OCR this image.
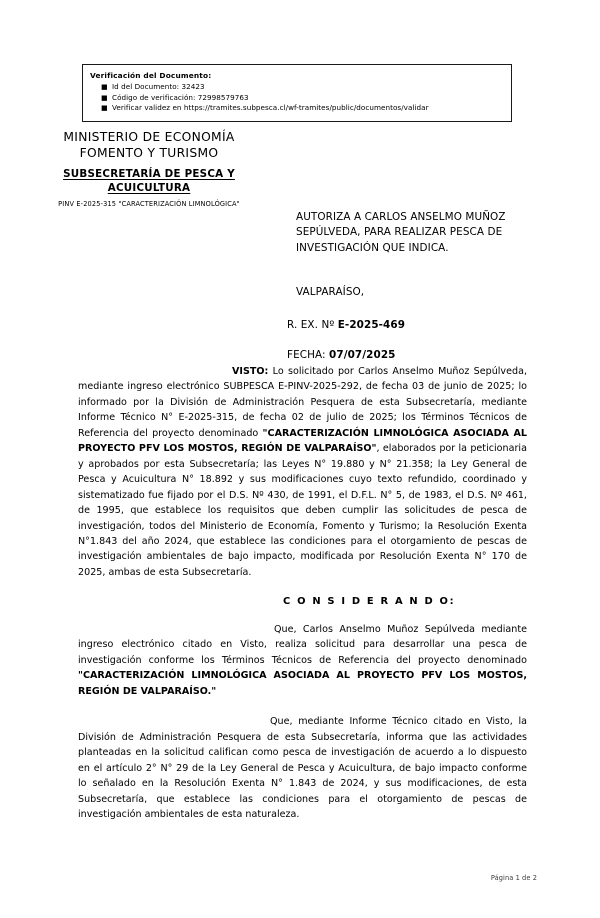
Verificación del Documento:
■ Id del Documento: 32423
■ Código de verificación: 72998579763
■ Verificar validez en https://tramites.subpesca.cl/wf-tramites/public/documentos/validar
MINISTERIO DE ECONOMÍA
FOMENTO Y TURISMO
SUBSECRETARÍA DE PESCA Y
ACUICULTURA
PINV E-2025-315 "CARACTERIZACIÓN LIMNOLÓGICA"
AUTORIZA A CARLOS ANSELMO MUÑOZ SEPÚLVEDA, PARA REALIZAR PESCA DE INVESTIGACIÓN QUE INDICA.
VALPARAÍSO,
R. EX. Nº E-2025-469
FECHA: 07/07/2025

VISTO: Lo solicitado por Carlos Anselmo Muñoz Sepúlveda, mediante ingreso electrónico SUBPESCA E-PINV-2025-292, de fecha 03 de junio de 2025; lo informado por la División de Administración Pesquera de esta Subsecretaría, mediante Informe Técnico N° E-2025-315, de fecha 02 de julio de 2025; los Términos Técnicos de Referencia del proyecto denominado "CARACTERIZACIÓN LIMNOLÓGICA ASOCIADA AL PROYECTO PFV LOS MOSTOS, REGIÓN DE VALPARAÍSO", elaborados por la peticionaria y aprobados por esta Subsecretaría; las Leyes N° 19.880 y N° 21.358; la Ley General de Pesca y Acuicultura N° 18.892 y sus modificaciones cuyo texto refundido, coordinado y sistematizado fue fijado por el D.S. Nº 430, de 1991, el D.F.L. N° 5, de 1983, el D.S. Nº 461, de 1995, que establece los requisitos que deben cumplir las solicitudes de pesca de investigación, todos del Ministerio de Economía, Fomento y Turismo; la Resolución Exenta N°1.843 del año 2024, que establece las condiciones para el otorgamiento de pescas de investigación ambientales de bajo impacto, modificada por Resolución Exenta N° 170 de 2025, ambas de esta Subsecretaría.

C O N S I D E R A N D O:

Que, Carlos Anselmo Muñoz Sepúlveda mediante ingreso electrónico citado en Visto, realiza solicitud para desarrollar una pesca de investigación conforme los Términos Técnicos de Referencia del proyecto denominado "CARACTERIZACIÓN LIMNOLÓGICA ASOCIADA AL PROYECTO PFV LOS MOSTOS, REGIÓN DE VALPARAÍSO."

Que, mediante Informe Técnico citado en Visto, la División de Administración Pesquera de esta Subsecretaría, informa que las actividades planteadas en la solicitud califican como pesca de investigación de acuerdo a lo dispuesto en el artículo 2° N° 29 de la Ley General de Pesca y Acuicultura, de bajo impacto conforme lo señalado en la Resolución Exenta N° 1.843 de 2024, y sus modificaciones, de esta Subsecretaría, que establece las condiciones para el otorgamiento de pescas de investigación ambientales de esta naturaleza.

Página 1 de 2
